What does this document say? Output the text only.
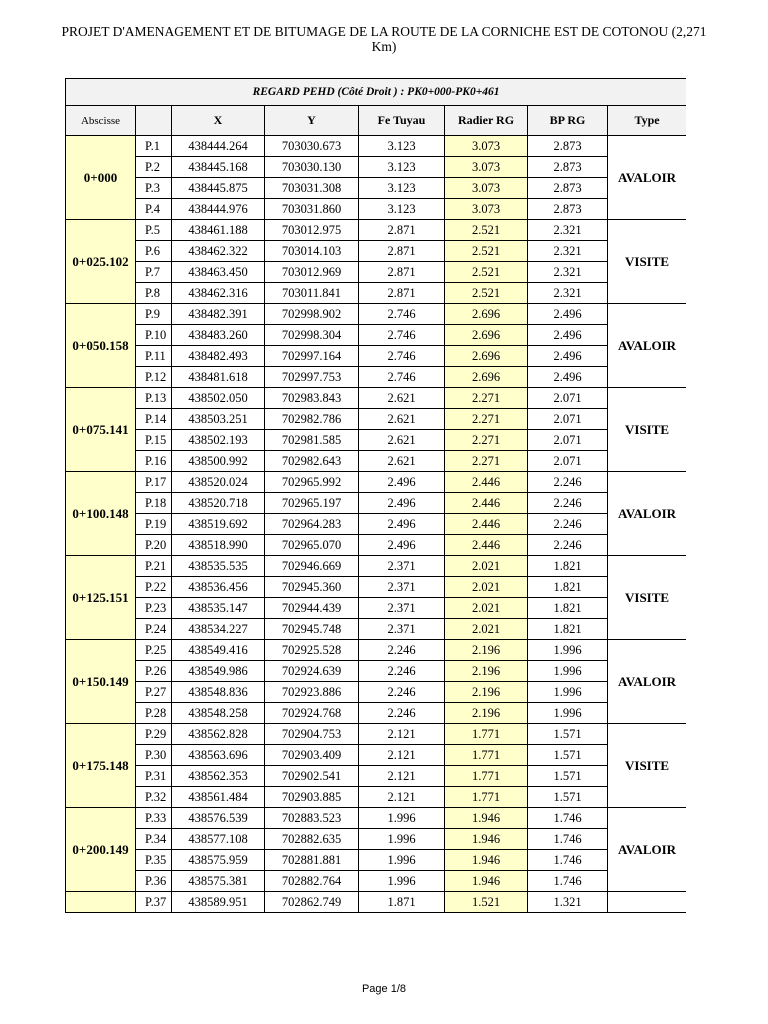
PROJET D'AMENAGEMENT ET DE BITUMAGE DE LA ROUTE DE LA CORNICHE EST DE COTONOU (2,271 Km)
REGARD PEHD (Côté Droit ) : PK0+000-PK0+461							
Abscisse		X	Y	Fe Tuyau	Radier RG	BP RG	Type
0+000	P.1	438444.264	703030.673	3.123	3.073	2.873	AVALOIR
	P.2	438445.168	703030.130	3.123	3.073	2.873	
	P.3	438445.875	703031.308	3.123	3.073	2.873	
	P.4	438444.976	703031.860	3.123	3.073	2.873	
0+025.102	P.5	438461.188	703012.975	2.871	2.521	2.321	VISITE
	P.6	438462.322	703014.103	2.871	2.521	2.321	
	P.7	438463.450	703012.969	2.871	2.521	2.321	
	P.8	438462.316	703011.841	2.871	2.521	2.321	
0+050.158	P.9	438482.391	702998.902	2.746	2.696	2.496	AVALOIR
	P.10	438483.260	702998.304	2.746	2.696	2.496	
	P.11	438482.493	702997.164	2.746	2.696	2.496	
	P.12	438481.618	702997.753	2.746	2.696	2.496	
0+075.141	P.13	438502.050	702983.843	2.621	2.271	2.071	VISITE
	P.14	438503.251	702982.786	2.621	2.271	2.071	
	P.15	438502.193	702981.585	2.621	2.271	2.071	
	P.16	438500.992	702982.643	2.621	2.271	2.071	
0+100.148	P.17	438520.024	702965.992	2.496	2.446	2.246	AVALOIR
	P.18	438520.718	702965.197	2.496	2.446	2.246	
	P.19	438519.692	702964.283	2.496	2.446	2.246	
	P.20	438518.990	702965.070	2.496	2.446	2.246	
0+125.151	P.21	438535.535	702946.669	2.371	2.021	1.821	VISITE
	P.22	438536.456	702945.360	2.371	2.021	1.821	
	P.23	438535.147	702944.439	2.371	2.021	1.821	
	P.24	438534.227	702945.748	2.371	2.021	1.821	
0+150.149	P.25	438549.416	702925.528	2.246	2.196	1.996	AVALOIR
	P.26	438549.986	702924.639	2.246	2.196	1.996	
	P.27	438548.836	702923.886	2.246	2.196	1.996	
	P.28	438548.258	702924.768	2.246	2.196	1.996	
0+175.148	P.29	438562.828	702904.753	2.121	1.771	1.571	VISITE
	P.30	438563.696	702903.409	2.121	1.771	1.571	
	P.31	438562.353	702902.541	2.121	1.771	1.571	
	P.32	438561.484	702903.885	2.121	1.771	1.571	
0+200.149	P.33	438576.539	702883.523	1.996	1.946	1.746	AVALOIR
	P.34	438577.108	702882.635	1.996	1.946	1.746	
	P.35	438575.959	702881.881	1.996	1.946	1.746	
	P.36	438575.381	702882.764	1.996	1.946	1.746	
	P.37	438589.951	702862.749	1.871	1.521	1.321	
Page 1/8
